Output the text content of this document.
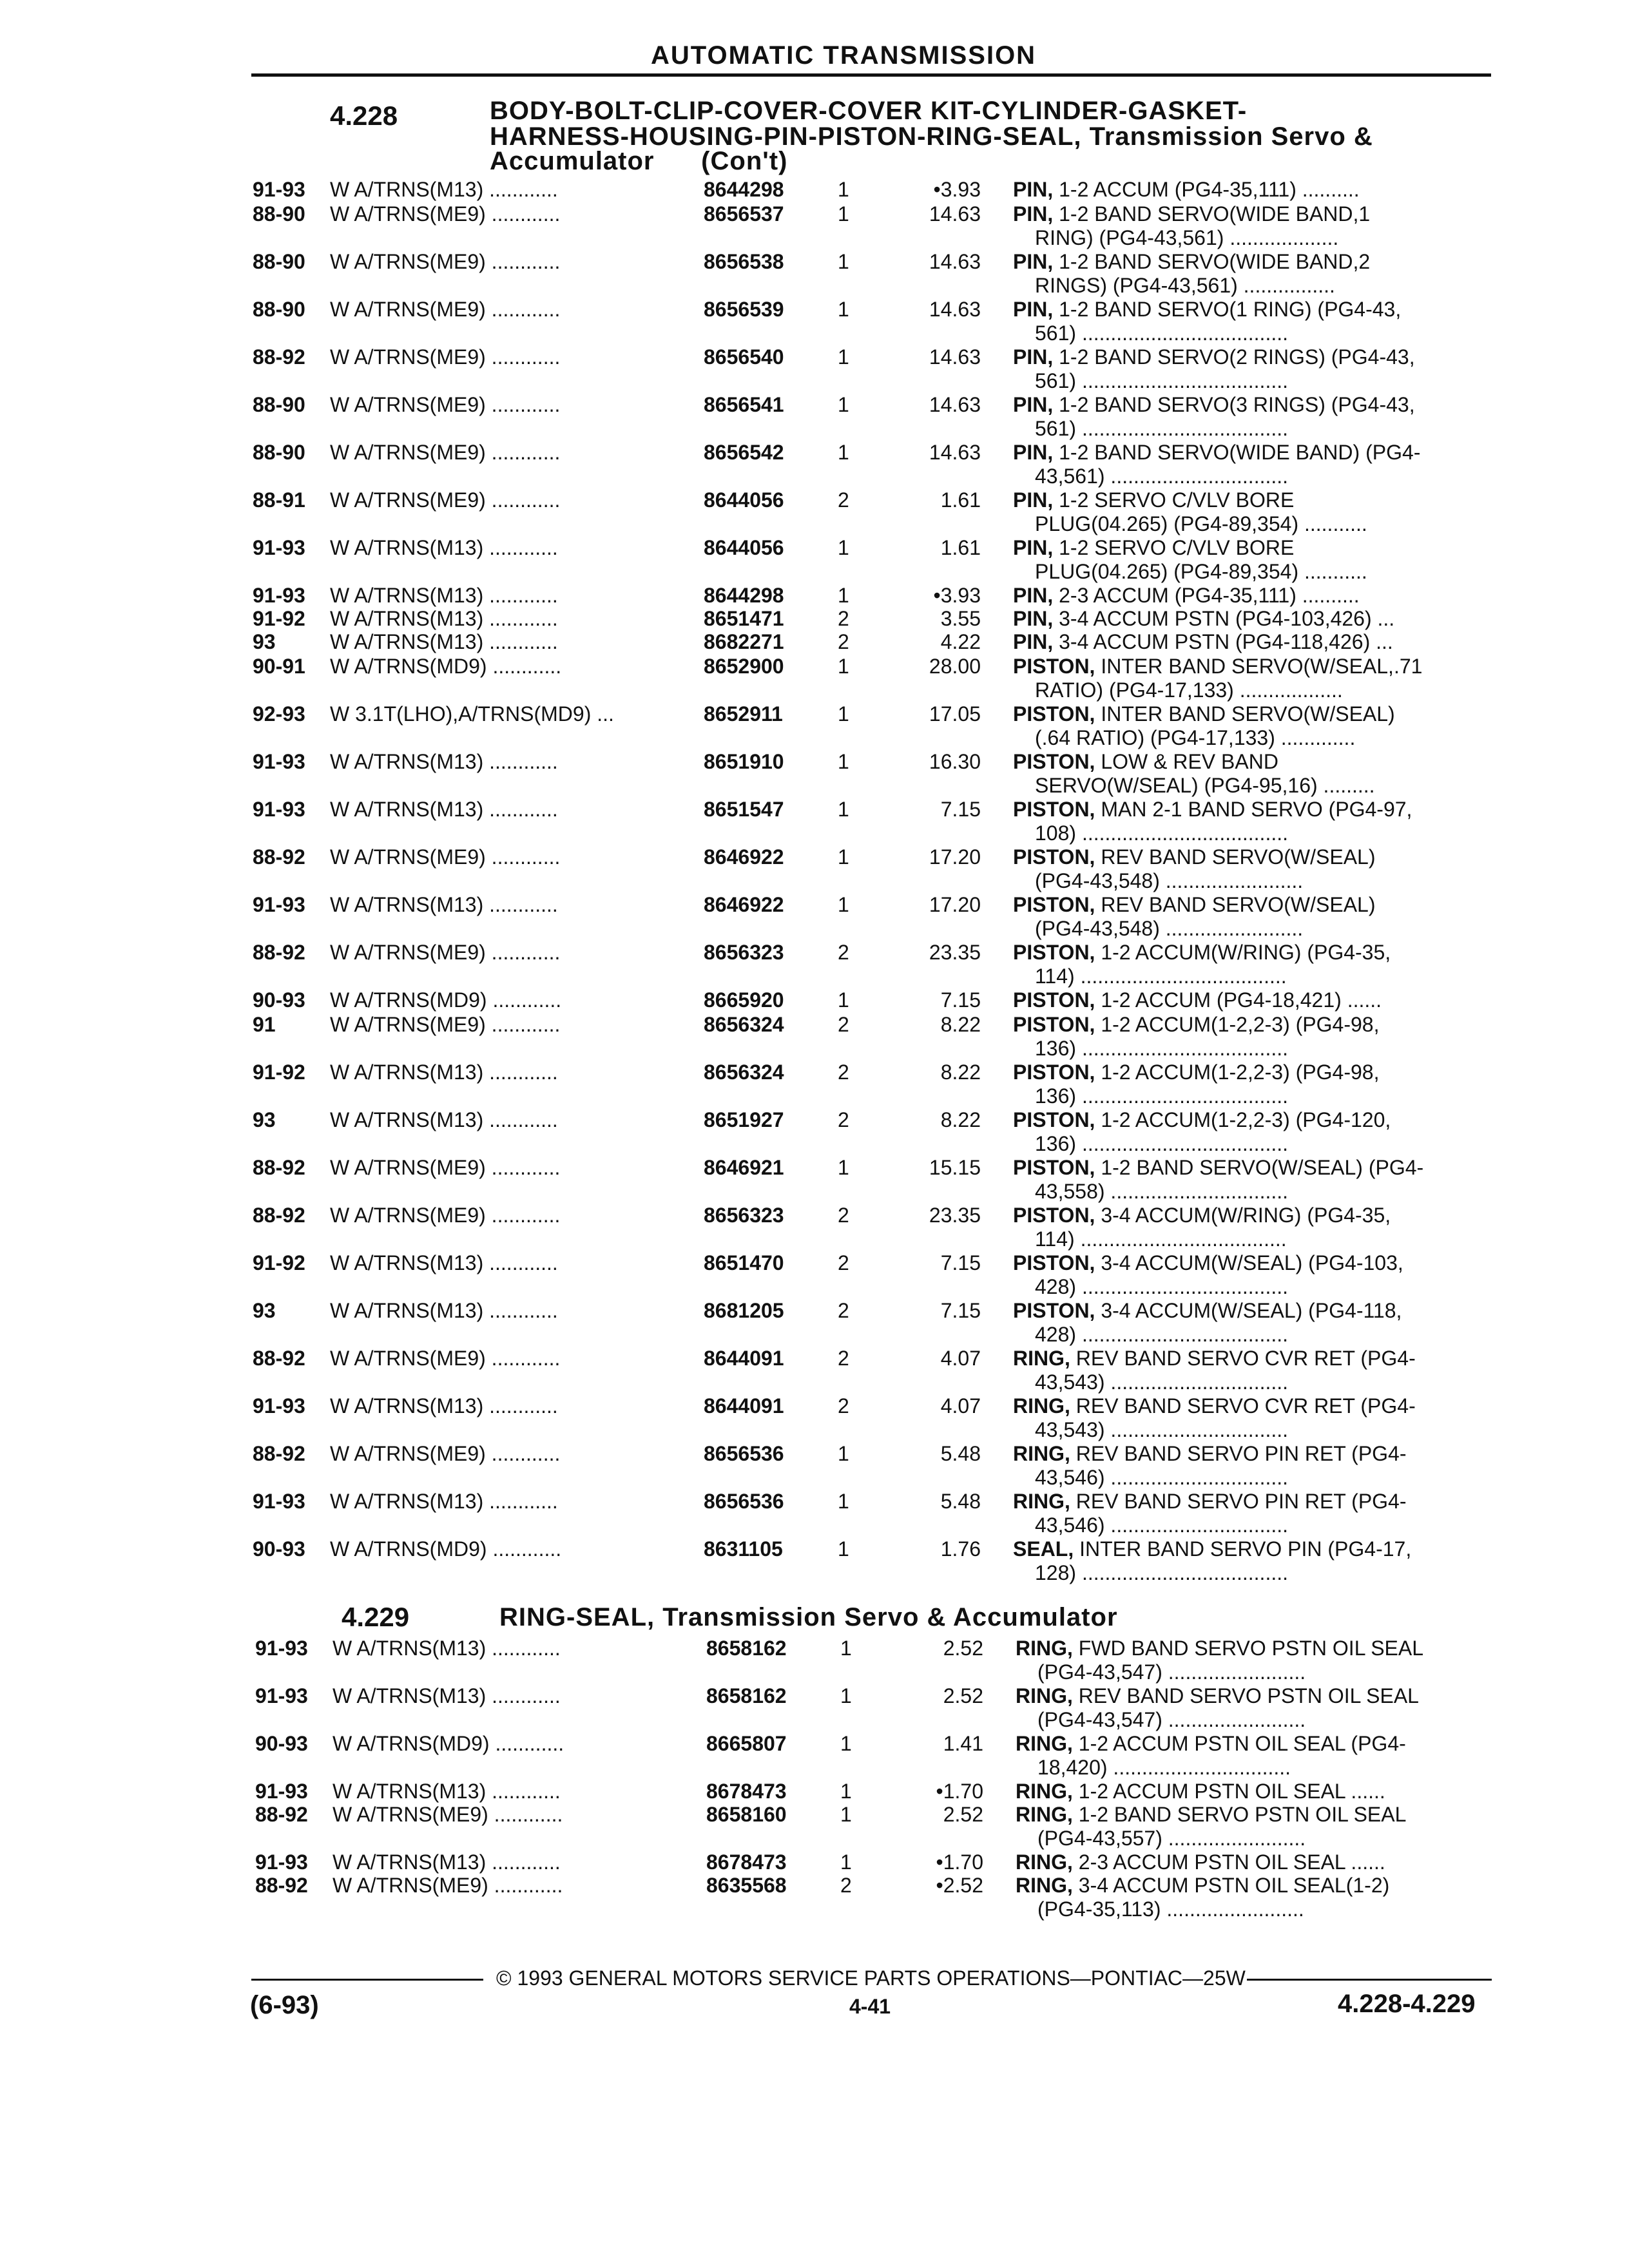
AUTOMATIC TRANSMISSION
4.228	BODY-BOLT-CLIP-COVER-COVER KIT-CYLINDER-GASKET-
HARNESS-HOUSING-PIN-PISTON-RING-SEAL, Transmission Servo &
Accumulator      (Con't)
91-93 W A/TRNS(M13) ............	8644298	1	•3.93 PIN, 1-2 ACCUM (PG4-35,111) ..........
88-90 W A/TRNS(ME9) ............	8656537	1	14.63 PIN, 1-2 BAND SERVO(WIDE BAND,1
RING) (PG4-43,561) ...................
88-90 W A/TRNS(ME9) ............	8656538	1	14.63 PIN, 1-2 BAND SERVO(WIDE BAND,2
RINGS) (PG4-43,561) ................
88-90 W A/TRNS(ME9) ............	8656539	1	14.63 PIN, 1-2 BAND SERVO(1 RING) (PG4-43,
561) ....................................
88-92 W A/TRNS(ME9) ............	8656540	1	14.63 PIN, 1-2 BAND SERVO(2 RINGS) (PG4-43,
561) ....................................
88-90 W A/TRNS(ME9) ............	8656541	1	14.63 PIN, 1-2 BAND SERVO(3 RINGS) (PG4-43,
561) ....................................
88-90 W A/TRNS(ME9) ............	8656542	1	14.63 PIN, 1-2 BAND SERVO(WIDE BAND) (PG4-
43,561) ...............................
88-91 W A/TRNS(ME9) ............	8644056	2	1.61 PIN, 1-2 SERVO C/VLV BORE
PLUG(04.265) (PG4-89,354) ...........
91-93 W A/TRNS(M13) ............	8644056	1	1.61 PIN, 1-2 SERVO C/VLV BORE
PLUG(04.265) (PG4-89,354) ...........
91-93 W A/TRNS(M13) ............	8644298	1	•3.93 PIN, 2-3 ACCUM (PG4-35,111) ..........
91-92 W A/TRNS(M13) ............	8651471	2	3.55 PIN, 3-4 ACCUM PSTN (PG4-103,426) ...
93	W A/TRNS(M13) ............	8682271	2	4.22 PIN, 3-4 ACCUM PSTN (PG4-118,426) ...
90-91 W A/TRNS(MD9) ............	8652900	1	28.00 PISTON, INTER BAND SERVO(W/SEAL,.71
RATIO) (PG4-17,133) ..................
92-93 W 3.1T(LHO),A/TRNS(MD9) ...	8652911	1	17.05 PISTON, INTER BAND SERVO(W/SEAL)
(.64 RATIO) (PG4-17,133) .............
91-93 W A/TRNS(M13) ............	8651910	1	16.30 PISTON, LOW & REV BAND
SERVO(W/SEAL) (PG4-95,16) .........
91-93 W A/TRNS(M13) ............	8651547	1	7.15 PISTON, MAN 2-1 BAND SERVO (PG4-97,
108) ....................................
88-92 W A/TRNS(ME9) ............	8646922	1	17.20 PISTON, REV BAND SERVO(W/SEAL)
(PG4-43,548) ........................
91-93 W A/TRNS(M13) ............	8646922	1	17.20 PISTON, REV BAND SERVO(W/SEAL)
(PG4-43,548) ........................
88-92 W A/TRNS(ME9) ............	8656323	2	23.35 PISTON, 1-2 ACCUM(W/RING) (PG4-35,
114) ....................................
90-93 W A/TRNS(MD9) ............	8665920	1	7.15 PISTON, 1-2 ACCUM (PG4-18,421) ......
91	W A/TRNS(ME9) ............	8656324	2	8.22 PISTON, 1-2 ACCUM(1-2,2-3) (PG4-98,
136) ....................................
91-92 W A/TRNS(M13) ............	8656324	2	8.22 PISTON, 1-2 ACCUM(1-2,2-3) (PG4-98,
136) ....................................
93	W A/TRNS(M13) ............	8651927	2	8.22 PISTON, 1-2 ACCUM(1-2,2-3) (PG4-120,
136) ....................................
88-92 W A/TRNS(ME9) ............	8646921	1	15.15 PISTON, 1-2 BAND SERVO(W/SEAL) (PG4-
43,558) ...............................
88-92 W A/TRNS(ME9) ............	8656323	2	23.35 PISTON, 3-4 ACCUM(W/RING) (PG4-35,
114) ....................................
91-92 W A/TRNS(M13) ............	8651470	2	7.15 PISTON, 3-4 ACCUM(W/SEAL) (PG4-103,
428) ....................................
93	W A/TRNS(M13) ............	8681205	2	7.15 PISTON, 3-4 ACCUM(W/SEAL) (PG4-118,
428) ....................................
88-92 W A/TRNS(ME9) ............	8644091	2	4.07 RING, REV BAND SERVO CVR RET (PG4-
43,543) ...............................
91-93 W A/TRNS(M13) ............	8644091	2	4.07 RING, REV BAND SERVO CVR RET (PG4-
43,543) ...............................
88-92 W A/TRNS(ME9) ............	8656536	1	5.48 RING, REV BAND SERVO PIN RET (PG4-
43,546) ...............................
91-93 W A/TRNS(M13) ............	8656536	1	5.48 RING, REV BAND SERVO PIN RET (PG4-
43,546) ...............................
90-93 W A/TRNS(MD9) ............	8631105	1	1.76 SEAL, INTER BAND SERVO PIN (PG4-17,
128) ....................................
4.229	RING-SEAL, Transmission Servo & Accumulator
91-93 W A/TRNS(M13) ............	8658162	1	2.52 RING, FWD BAND SERVO PSTN OIL SEAL
(PG4-43,547) ........................
91-93 W A/TRNS(M13) ............	8658162	1	2.52 RING, REV BAND SERVO PSTN OIL SEAL
(PG4-43,547) ........................
90-93 W A/TRNS(MD9) ............	8665807	1	1.41 RING, 1-2 ACCUM PSTN OIL SEAL (PG4-
18,420) ...............................
91-93 W A/TRNS(M13) ............	8678473	1	•1.70 RING, 1-2 ACCUM PSTN OIL SEAL ......
88-92 W A/TRNS(ME9) ............	8658160	1	2.52 RING, 1-2 BAND SERVO PSTN OIL SEAL
(PG4-43,557) ........................
91-93 W A/TRNS(M13) ............	8678473	1	•1.70 RING, 2-3 ACCUM PSTN OIL SEAL ......
88-92 W A/TRNS(ME9) ............	8635568	2	•2.52 RING, 3-4 ACCUM PSTN OIL SEAL(1-2)
(PG4-35,113) ........................
© 1993 GENERAL MOTORS SERVICE PARTS OPERATIONS—PONTIAC—25W
(6-93)	4-41	4.228-4.229
